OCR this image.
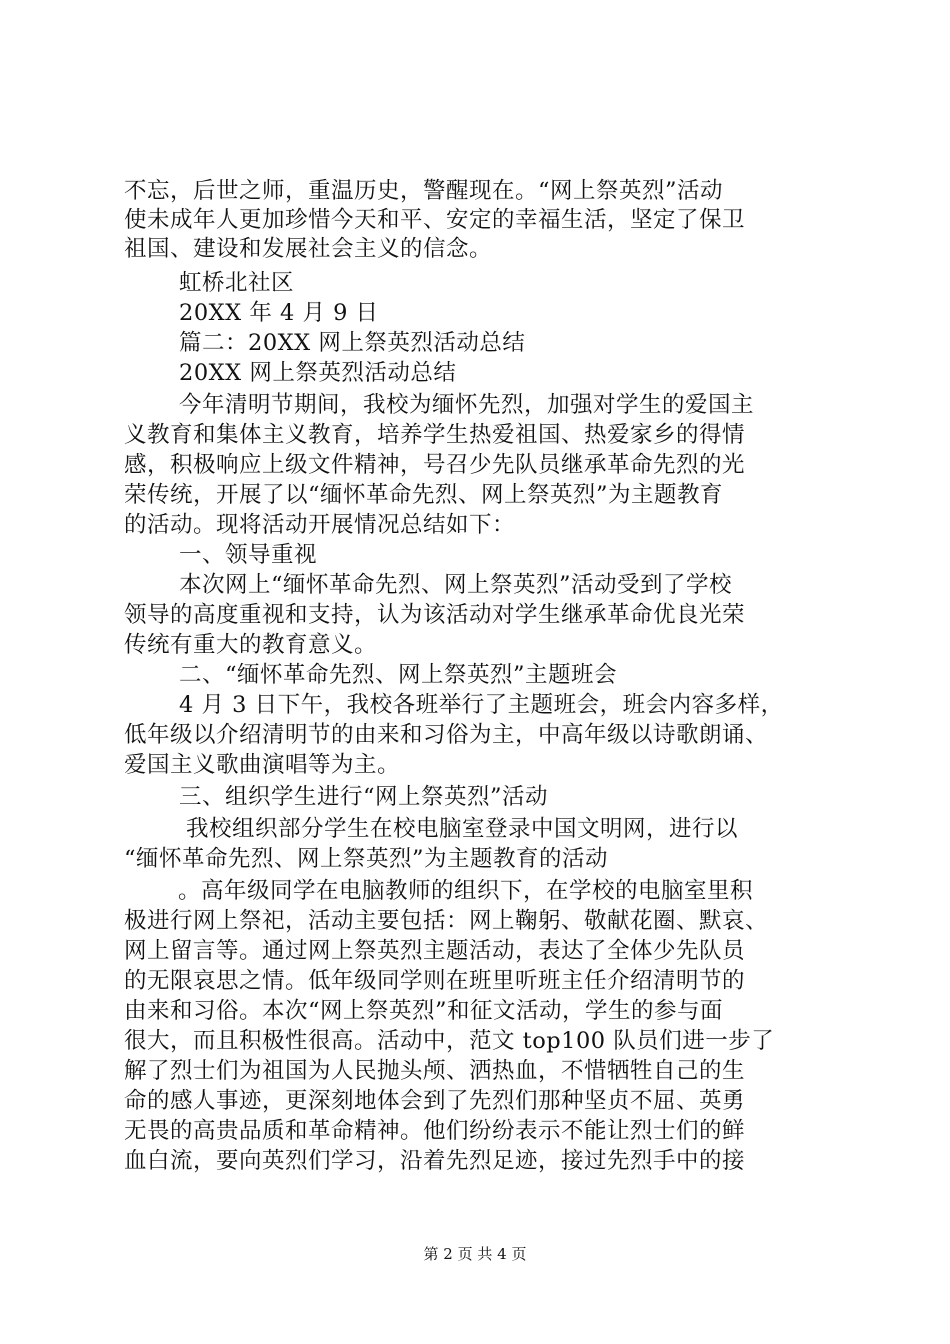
不忘，后世之师，重温历史，警醒现在。“网上祭英烈”活动
使未成年人更加珍惜今天和平、安定的幸福生活，坚定了保卫
祖国、建设和发展社会主义的信念。
虹桥北社区
20XX 年 4 月 9 日
篇二：20XX 网上祭英烈活动总结
20XX 网上祭英烈活动总结
今年清明节期间，我校为缅怀先烈，加强对学生的爱国主
义教育和集体主义教育，培养学生热爱祖国、热爱家乡的得情
感，积极响应上级文件精神，号召少先队员继承革命先烈的光
荣传统，开展了以“缅怀革命先烈、网上祭英烈”为主题教育
的活动。现将活动开展情况总结如下：
一、领导重视
本次网上“缅怀革命先烈、网上祭英烈”活动受到了学校
领导的高度重视和支持，认为该活动对学生继承革命优良光荣
传统有重大的教育意义。
二、“缅怀革命先烈、网上祭英烈”主题班会
4 月 3 日下午，我校各班举行了主题班会，班会内容多样，
低年级以介绍清明节的由来和习俗为主，中高年级以诗歌朗诵、
爱国主义歌曲演唱等为主。
三、组织学生进行“网上祭英烈”活动
我校组织部分学生在校电脑室登录中国文明网，进行以
“缅怀革命先烈、网上祭英烈”为主题教育的活动
。高年级同学在电脑教师的组织下，在学校的电脑室里积
极进行网上祭祀，活动主要包括：网上鞠躬、敬献花圈、默哀、
网上留言等。通过网上祭英烈主题活动，表达了全体少先队员
的无限哀思之情。低年级同学则在班里听班主任介绍清明节的
由来和习俗。本次“网上祭英烈”和征文活动，学生的参与面
很大，而且积极性很高。活动中，范文 top100 队员们进一步了
解了烈士们为祖国为人民抛头颅、洒热血，不惜牺牲自己的生
命的感人事迹，更深刻地体会到了先烈们那种坚贞不屈、英勇
无畏的高贵品质和革命精神。他们纷纷表示不能让烈士们的鲜
血白流，要向英烈们学习，沿着先烈足迹，接过先烈手中的接
第 2 页 共 4 页
